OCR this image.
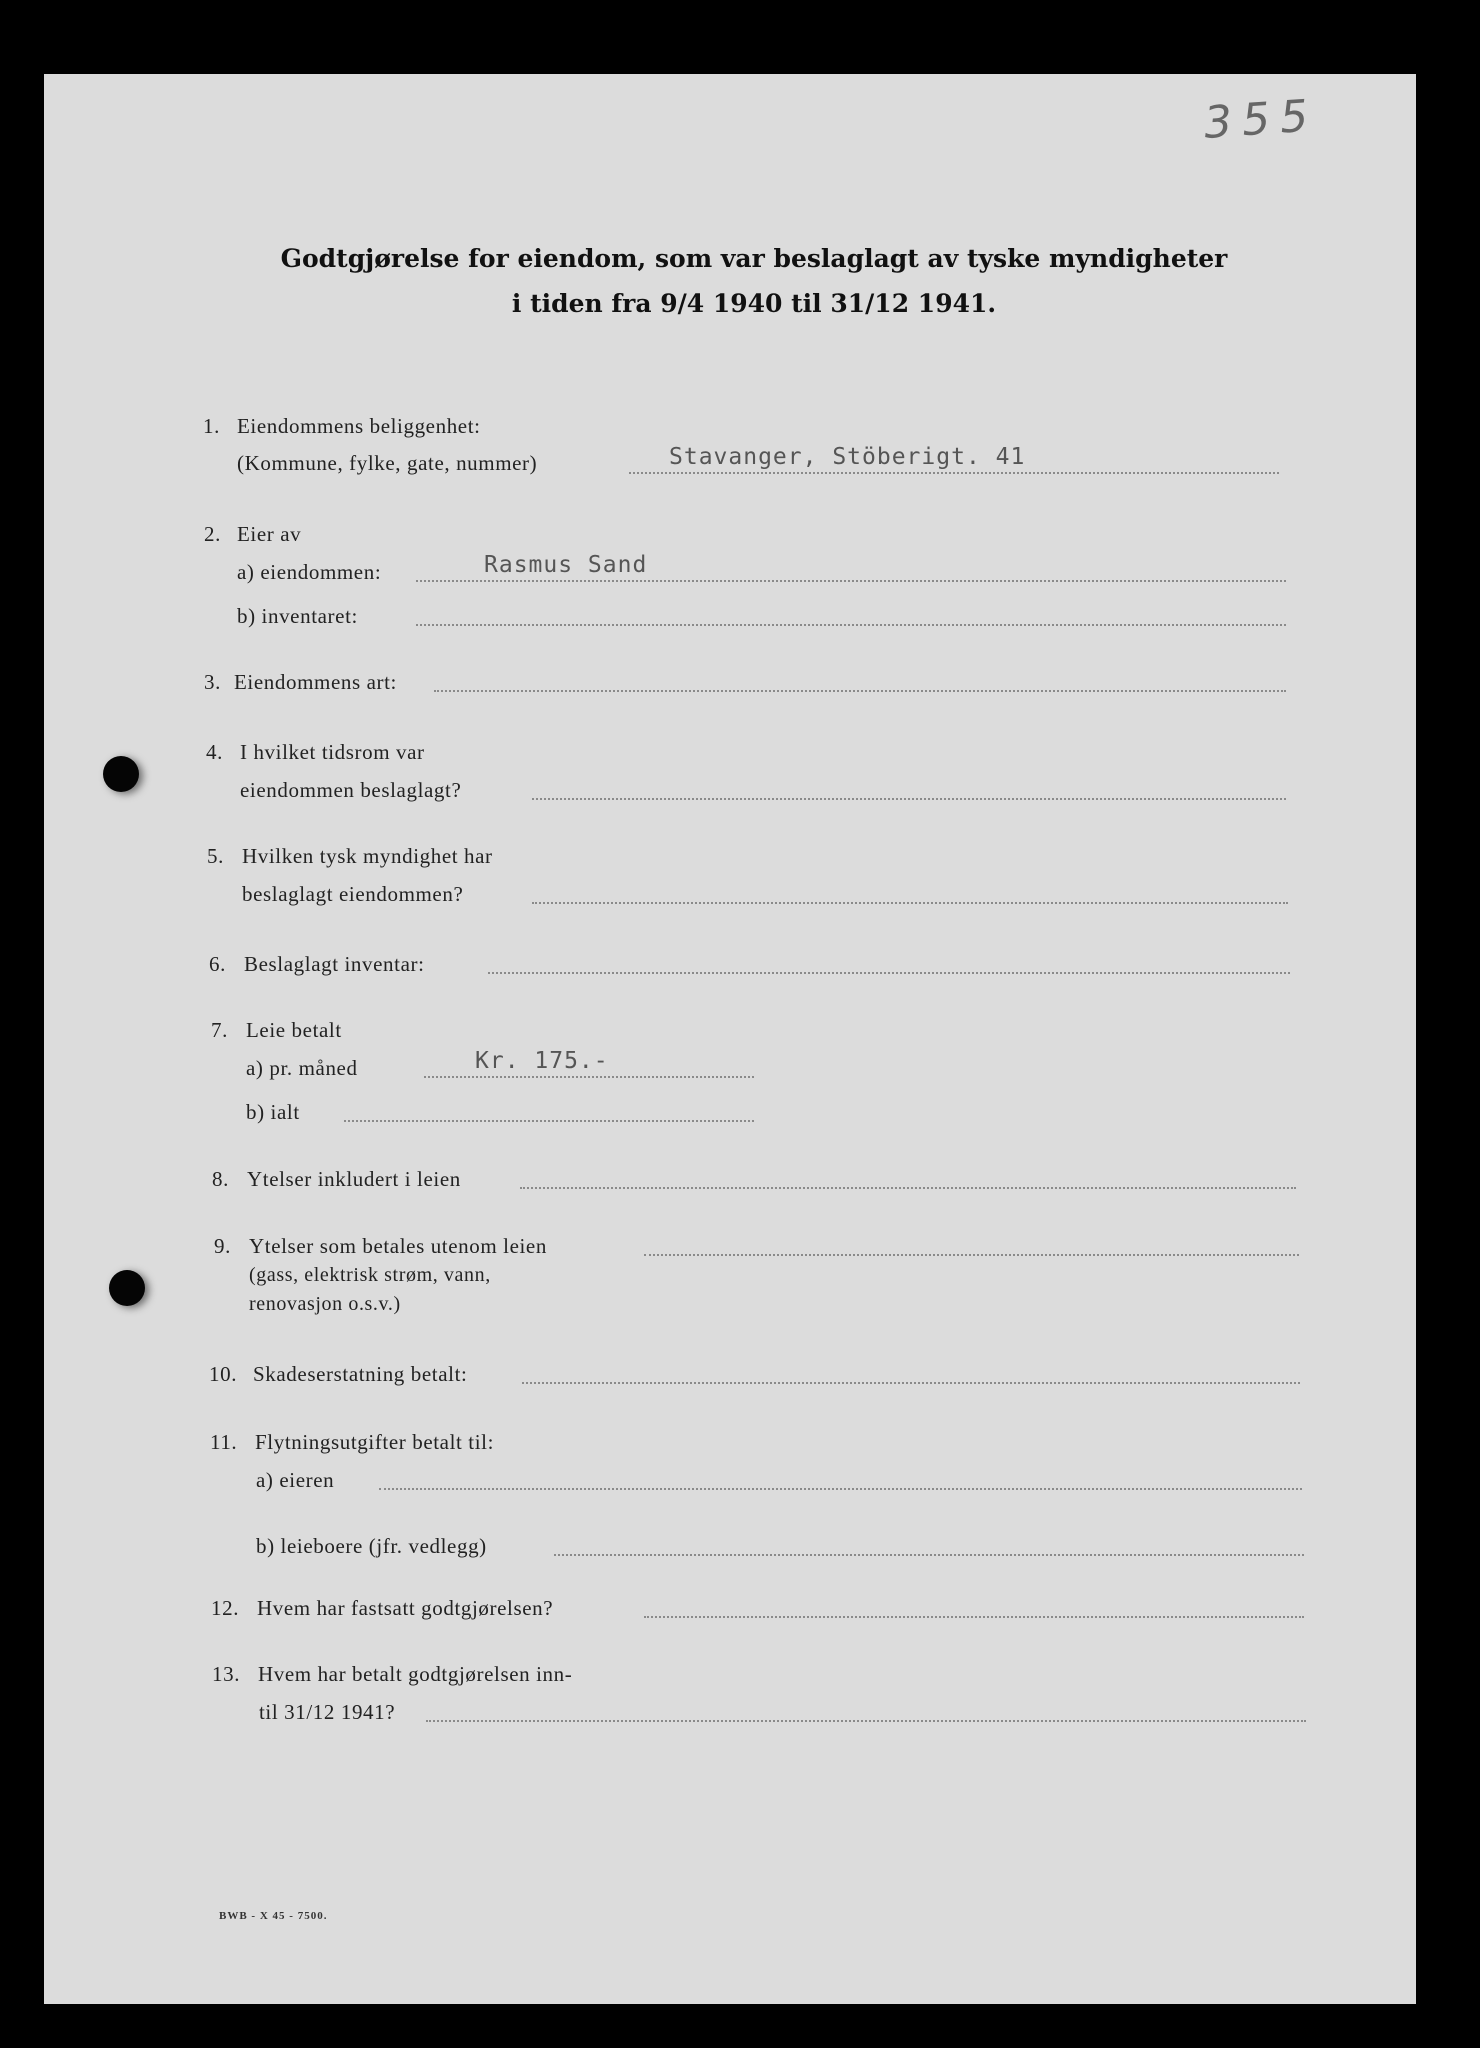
355
Godtgjørelse for eiendom, som var beslaglagt av tyske myndigheter
i tiden fra 9/4 1940 til 31/12 1941.
1. Eiendommens beliggenhet:
(Kommune, fylke, gate, nummer)	Stavanger, Stöberigt. 41
2. Eier av
a) eiendommen:	Rasmus Sand
b) inventaret:
3. Eiendommens art:
4. I hvilket tidsrom var
eiendommen beslaglagt?
5. Hvilken tysk myndighet har
beslaglagt eiendommen?
6. Beslaglagt inventar:
7. Leie betalt
a) pr. måned	Kr. 175.-
b) ialt
8. Ytelser inkludert i leien
9. Ytelser som betales utenom leien
(gass, elektrisk strøm, vann,
renovasjon o.s.v.)
10. Skadeserstatning betalt:
11. Flytningsutgifter betalt til:
a) eieren
b) leieboere (jfr. vedlegg)
12. Hvem har fastsatt godtgjørelsen?
13. Hvem har betalt godtgjørelsen inn-
til 31/12 1941?
BWB - X 45 - 7500.
